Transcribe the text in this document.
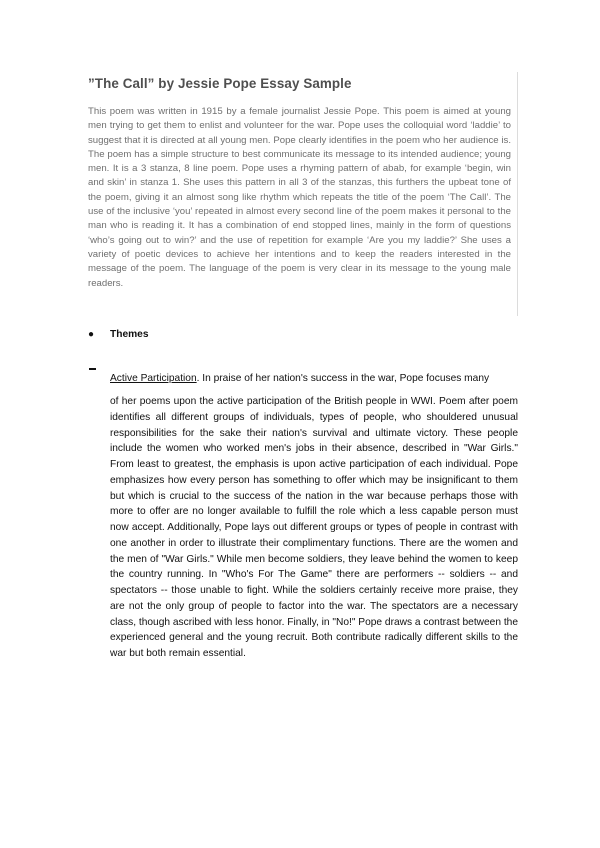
”The Call” by Jessie Pope Essay Sample

This poem was written in 1915 by a female journalist Jessie Pope. This poem is aimed at young men trying to get them to enlist and volunteer for the war. Pope uses the colloquial word ‘laddie’ to suggest that it is directed at all young men. Pope clearly identifies in the poem who her audience is. The poem has a simple structure to best communicate its message to its intended audience; young men. It is a 3 stanza, 8 line poem. Pope uses a rhyming pattern of abab, for example ‘begin, win and skin’ in stanza 1. She uses this pattern in all 3 of the stanzas, this furthers the upbeat tone of the poem, giving it an almost song like rhythm which repeats the title of the poem ‘The Call’. The use of the inclusive ‘you’ repeated in almost every second line of the poem makes it personal to the man who is reading it. It has a combination of end stopped lines, mainly in the form of questions ‘who’s going out to win?’ and the use of repetition for example ‘Are you my laddie?’ She uses a variety of poetic devices to achieve her intentions and to keep the readers interested in the message of the poem. The language of the poem is very clear in its message to the young male readers.

● Themes
Active Participation. In praise of her nation's success in the war, Pope focuses many

of her poems upon the active participation of the British people in WWI. Poem after poem identifies all different groups of individuals, types of people, who shouldered unusual responsibilities for the sake their nation's survival and ultimate victory. These people include the women who worked men's jobs in their absence, described in "War Girls." From least to greatest, the emphasis is upon active participation of each individual. Pope emphasizes how every person has something to offer which may be insignificant to them but which is crucial to the success of the nation in the war because perhaps those with more to offer are no longer available to fulfill the role which a less capable person must now accept. Additionally, Pope lays out different groups or types of people in contrast with one another in order to illustrate their complimentary functions. There are the women and the men of "War Girls." While men become soldiers, they leave behind the women to keep the country running. In "Who's For The Game" there are performers -- soldiers -- and spectators -- those unable to fight. While the soldiers certainly receive more praise, they are not the only group of people to factor into the war. The spectators are a necessary class, though ascribed with less honor. Finally, in "No!" Pope draws a contrast between the experienced general and the young recruit. Both contribute radically different skills to the war but both remain essential.
